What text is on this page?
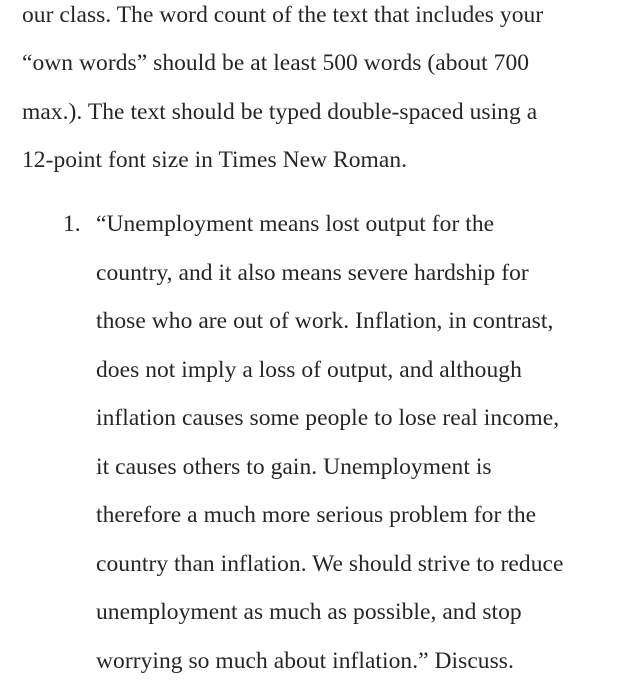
our class. The word count of the text that includes your
“own words” should be at least 500 words (about 700
max.). The text should be typed double-spaced using a
12-point font size in Times New Roman.
1. “Unemployment means lost output for the
country, and it also means severe hardship for
those who are out of work. Inflation, in contrast,
does not imply a loss of output, and although
inflation causes some people to lose real income,
it causes others to gain. Unemployment is
therefore a much more serious problem for the
country than inflation. We should strive to reduce
unemployment as much as possible, and stop
worrying so much about inflation.” Discuss.
